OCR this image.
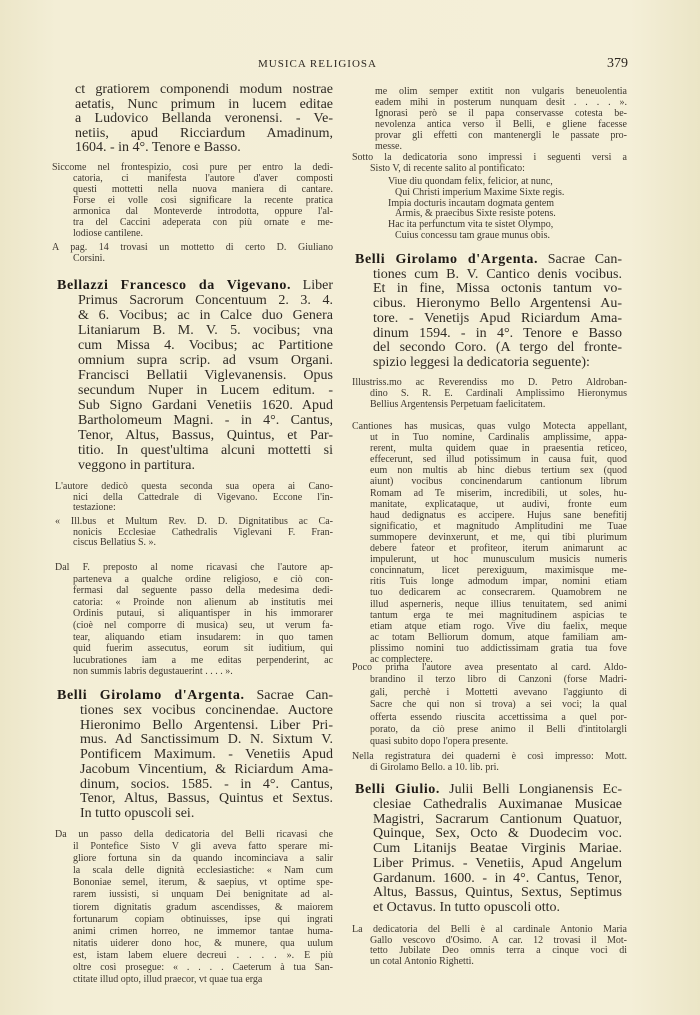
MUSICA RELIGIOSA	379
ct gratiorem componendi modum nostrae
aetatis, Nunc primum in lucem editae
a Ludovico Bellanda veronensi. - Ve-
netiis, apud Ricciardum Amadinum,
1604. - in 4°. Tenore e Basso.
Siccome nel frontespizio, così pure per entro la dedi-
catoria, ci manifesta l'autore d'aver composti
questi mottetti nella nuova maniera di cantare.
Forse ei volle così significare la recente pratica
armonica dal Monteverde introdotta, oppure l'al-
tra del Caccini adeperata con più ornate e me-
lodiose cantilene.
A pag. 14 trovasi un mottetto di certo D. Giuliano
Corsini.
Bellazzi Francesco da Vigevano. Liber
Primus Sacrorum Concentuum 2. 3. 4.
& 6. Vocibus; ac in Calce duo Genera
Litaniarum B. M. V. 5. vocibus; vna
cum Missa 4. Vocibus; ac Partitione
omnium supra scrip. ad vsum Organi.
Francisci Bellatii Viglevanensis. Opus
secundum Nuper in Lucem editum. -
Sub Signo Gardani Venetiis 1620. Apud
Bartholomeum Magni. - in 4°. Cantus,
Tenor, Altus, Bassus, Quintus, et Par-
titio. In quest'ultima alcuni mottetti si
veggono in partitura.
L'autore dedicò questa seconda sua opera ai Cano-
nici della Cattedrale di Vigevano. Eccone l'in-
testazione:
« Ill.bus et Multum Rev. D. D. Dignitatibus ac Ca-
nonicis Ecclesiae Cathedralis Viglevani F. Fran-
ciscus Bellatius S. ».
Dal F. preposto al nome ricavasi che l'autore ap-
parteneva a qualche ordine religioso, e ciò con-
fermasi dal seguente passo della medesima dedi-
catoria: « Proinde non alienum ab institutis mei
Ordinis putaui, si aliquantisper in his immorarer
(cioè nel comporre di musica) seu, ut verum fa-
tear, aliquando etiam insudarem: in quo tamen
quid fuerim assecutus, eorum sit iuditium, qui
lucubrationes iam a me editas perpenderint, ac
non summis labris degustauerint . . . . ».
Belli Girolamo d'Argenta. Sacrae Can-
tiones sex vocibus concinendae. Auctore
Hieronimo Bello Argentensi. Liber Pri-
mus. Ad Sanctissimum D. N. Sixtum V.
Pontificem Maximum. - Venetiis Apud
Jacobum Vincentium, & Riciardum Ama-
dinum, socios. 1585. - in 4°. Cantus,
Tenor, Altus, Bassus, Quintus et Sextus.
In tutto opuscoli sei.
Da un passo della dedicatoria del Belli ricavasi che
il Pontefice Sisto V gli aveva fatto sperare mi-
gliore fortuna sin da quando incominciava a salir
la scala delle dignità ecclesiastiche: « Nam cum
Bononiae semel, iterum, & saepius, vt optime spe-
rarem iussisti, si unquam Dei benignitate ad al-
tiorem dignitatis gradum ascendisses, & maiorem
fortunarum copiam obtinuisses, ipse qui ingrati
animi crimen horreo, ne immemor tantae huma-
nitatis uiderer dono hoc, & munere, qua uulum
est, istam labem eluere decreui . . . . ». E più
oltre così prosegue: « . . . . Caeterum à tua San-
ctitate illud opto, illud praecor, vt quae tua erga
me olim semper extitit non vulgaris beneuolentia
eadem mihi in posterum nunquam desit . . . . ».
Ignorasi però se il papa conservasse cotesta be-
nevolenza antica verso il Belli, e gliene facesse
provar gli effetti con mantenergli le passate pro-
messe.
Sotto la dedicatoria sono impressi i seguenti versi a
Sisto V, di recente salito al pontificato:
Viue diu quondam felix, felicior, at nunc,
Qui Christi imperium Maxime Sixte regis.
Impia docturis incautam dogmata gentem
Armis, & praecibus Sixte resiste potens.
Hac ita perfunctum vita te sistet Olympo,
Cuius concessu tam graue munus obis.
Belli Girolamo d'Argenta. Sacrae Can-
tiones cum B. V. Cantico denis vocibus.
Et in fine, Missa octonis tantum vo-
cibus. Hieronymo Bello Argentensi Au-
tore. - Venetijs Apud Riciardum Ama-
dinum 1594. - in 4°. Tenore e Basso
del secondo Coro. (A tergo del fronte-
spizio leggesi la dedicatoria seguente):
Illustriss.mo ac Reverendiss mo D. Petro Aldroban-
dino S. R. E. Cardinali Amplissimo Hieronymus
Bellius Argentensis Perpetuam faelicitatem.
Cantiones has musicas, quas vulgo Motecta appellant,
ut in Tuo nomine, Cardinalis amplissime, appa-
rerent, multa quidem quae in praesentia reticeo,
effecerunt, sed illud potissimum in causa fuit, quod
eum non multis ab hinc diebus tertium sex (quod
aiunt) vocibus concinendarum cantionum librum
Romam ad Te miserim, incredibili, ut soles, hu-
manitate, explicataque, ut audivi, fronte eum
haud dedignatus es accipere. Hujus sane benefitij
significatio, et magnitudo Amplitudini me Tuae
summopere devinxerunt, et me, qui tibi plurimum
debere fateor et profiteor, iterum animarunt ac
impulerunt, ut hoc munusculum musicis numeris
concinnatum, licet perexiguum, maximisque me-
ritis Tuis longe admodum impar, nomini etiam
tuo dedicarem ac consecrarem. Quamobrem ne
illud asperneris, neque illius tenuitatem, sed animi
tantum erga te mei magnitudinem aspicias te
etiam atque etiam rogo. Vive diu faelix, meque
ac totam Belliorum domum, atque familiam am-
plissimo nomini tuo addictissimam gratia tua fove
ac complectere.
Poco prima l'autore avea presentato al card. Aldo-
brandino il terzo libro di Canzoni (forse Madri-
gali, perchè i Mottetti avevano l'aggiunto di
Sacre che qui non si trova) a sei voci; la qual
offerta essendo riuscita accettissima a quel por-
porato, da ciò prese animo il Belli d'intitolargli
quasi subito dopo l'opera presente.
Nella registratura dei quaderni è così impresso: Mott.
di Girolamo Bello. a 10. lib. pri.
Belli Giulio. Julii Belli Longianensis Ec-
clesiae Cathedralis Auximanae Musicae
Magistri, Sacrarum Cantionum Quatuor,
Quinque, Sex, Octo & Duodecim voc.
Cum Litanijs Beatae Virginis Mariae.
Liber Primus. - Venetiis, Apud Angelum
Gardanum. 1600. - in 4°. Cantus, Tenor,
Altus, Bassus, Quintus, Sextus, Septimus
et Octavus. In tutto opuscoli otto.
La dedicatoria del Belli è al cardinale Antonio Maria
Gallo vescovo d'Osimo. A car. 12 trovasi il Mot-
tetto Jubilate Deo omnis terra a cinque voci di
un cotal Antonio Righetti.
